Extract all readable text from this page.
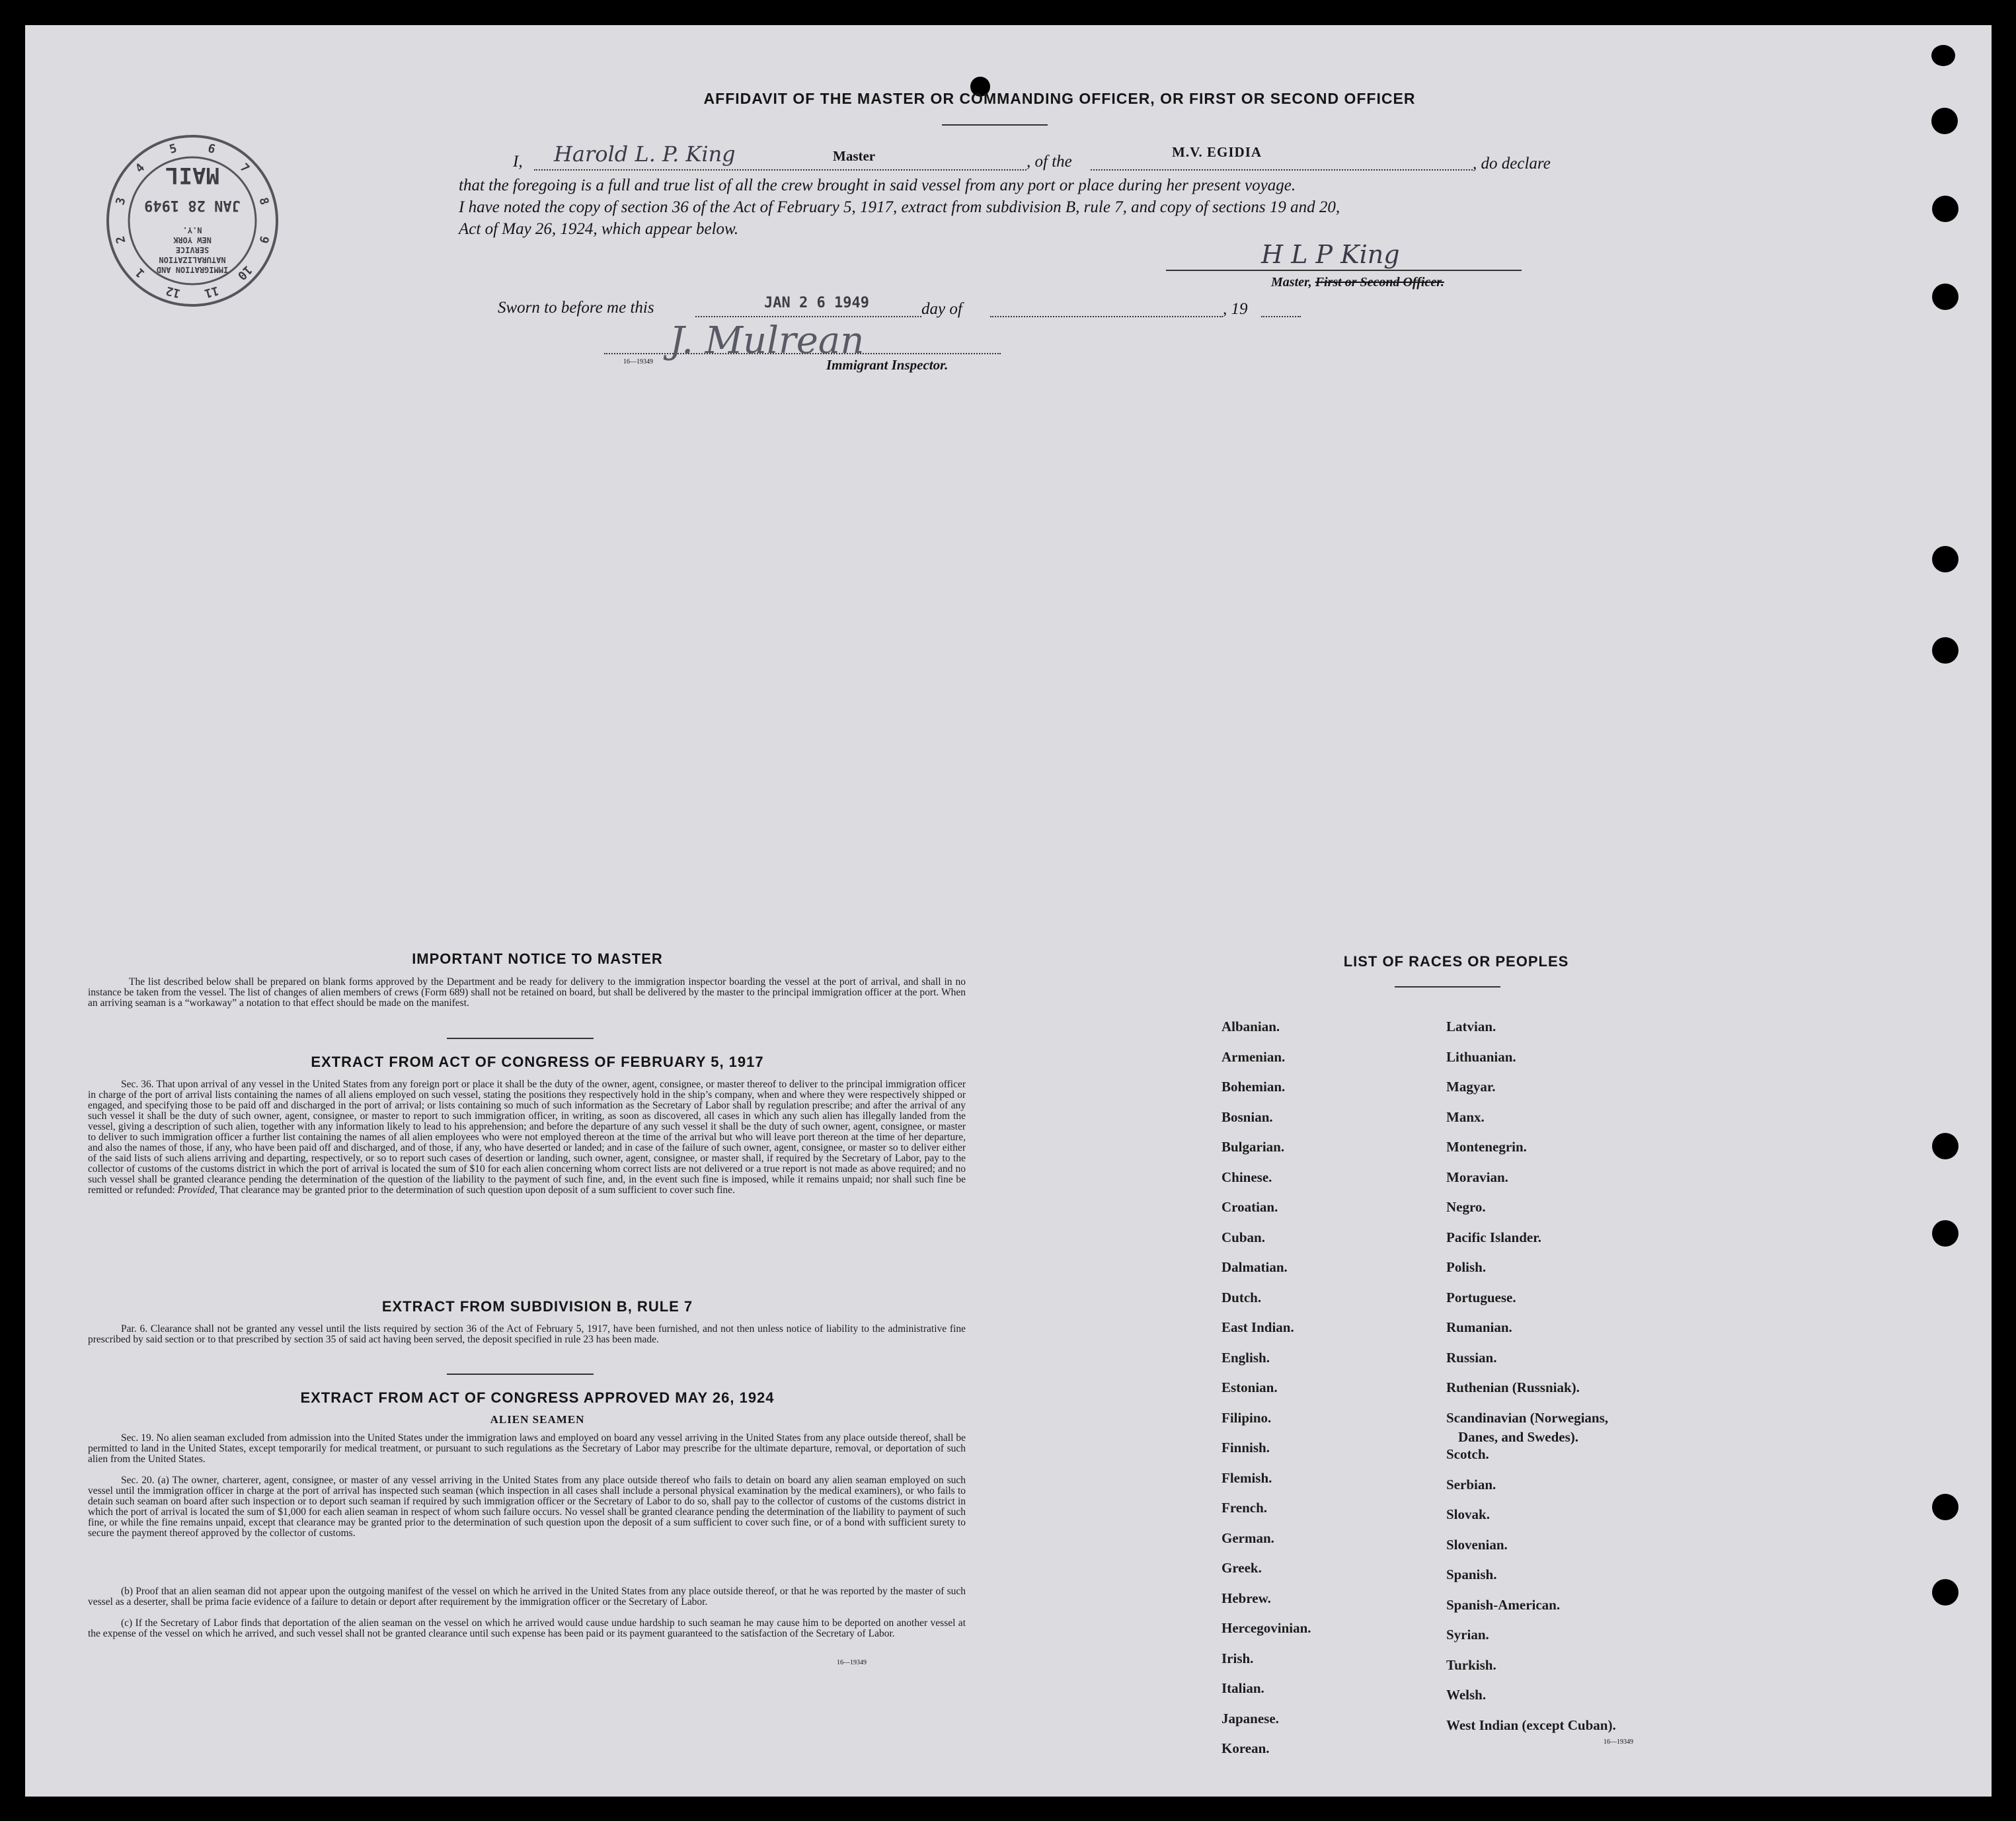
1
2
3
4
5	6
7
8
9
10
11
12
MAIL
JAN 28 1949
IMMIGRATION AND
NATURALIZATION
SERVICE
NEW YORK
N.Y.
AFFIDAVIT OF THE MASTER OR COMMANDING OFFICER, OR FIRST OR SECOND OFFICER
I, Harold L. P. King	Master	, of the
M.V. EGIDIA
, do declare
that the foregoing is a full and true list of all the crew brought in said vessel from any port or place during her present voyage.
I have noted the copy of section 36 of the Act of February 5, 1917, extract from subdivision B, rule 7, and copy of sections 19 and 20,
Act of May 26, 1924, which appear below.
H L P King
Master, First or Second Officer.
Sworn to before me this	JAN 2 6 1949	day of	, 19
J. Mulrean
16—19349	Immigrant Inspector.
IMPORTANT NOTICE TO MASTER

The list described below shall be prepared on blank forms approved by the Department and be ready for delivery to the immigration inspector boarding the vessel at the port of arrival, and shall in no instance be taken from the vessel. The list of changes of alien members of crews (Form 689) shall not be retained on board, but shall be delivered by the master to the principal immigration officer at the port. When an arriving seaman is a “workaway” a notation to that effect should be made on the manifest.

EXTRACT FROM ACT OF CONGRESS OF FEBRUARY 5, 1917

Sec. 36. That upon arrival of any vessel in the United States from any foreign port or place it shall be the duty of the owner, agent, consignee, or master thereof to deliver to the principal immigration officer in charge of the port of arrival lists containing the names of all aliens employed on such vessel, stating the positions they respectively hold in the ship’s company, when and where they were respectively shipped or engaged, and specifying those to be paid off and discharged in the port of arrival; or lists containing so much of such information as the Secretary of Labor shall by regulation prescribe; and after the arrival of any such vessel it shall be the duty of such owner, agent, consignee, or master to report to such immigration officer, in writing, as soon as discovered, all cases in which any such alien has illegally landed from the vessel, giving a description of such alien, together with any information likely to lead to his apprehension; and before the departure of any such vessel it shall be the duty of such owner, agent, consignee, or master to deliver to such immigration officer a further list containing the names of all alien employees who were not employed thereon at the time of the arrival but who will leave port thereon at the time of her departure, and also the names of those, if any, who have been paid off and discharged, and of those, if any, who have deserted or landed; and in case of the failure of such owner, agent, consignee, or master so to deliver either of the said lists of such aliens arriving and departing, respectively, or so to report such cases of desertion or landing, such owner, agent, consignee, or master shall, if required by the Secretary of Labor, pay to the collector of customs of the customs district in which the port of arrival is located the sum of $10 for each alien concerning whom correct lists are not delivered or a true report is not made as above required; and no such vessel shall be granted clearance pending the determination of the question of the liability to the payment of such fine, and, in the event such fine is imposed, while it remains unpaid; nor shall such fine be remitted or refunded: Provided, That clearance may be granted prior to the determination of such question upon deposit of a sum sufficient to cover such fine.

EXTRACT FROM SUBDIVISION B, RULE 7

Par. 6. Clearance shall not be granted any vessel until the lists required by section 36 of the Act of February 5, 1917, have been furnished, and not then unless notice of liability to the administrative fine prescribed by said section or to that prescribed by section 35 of said act having been served, the deposit specified in rule 23 has been made.

EXTRACT FROM ACT OF CONGRESS APPROVED MAY 26, 1924
ALIEN SEAMEN

Sec. 19. No alien seaman excluded from admission into the United States under the immigration laws and employed on board any vessel arriving in the United States from any place outside thereof, shall be permitted to land in the United States, except temporarily for medical treatment, or pursuant to such regulations as the Secretary of Labor may prescribe for the ultimate departure, removal, or deportation of such alien from the United States.

Sec. 20. (a) The owner, charterer, agent, consignee, or master of any vessel arriving in the United States from any place outside thereof who fails to detain on board any alien seaman employed on such vessel until the immigration officer in charge at the port of arrival has inspected such seaman (which inspection in all cases shall include a personal physical examination by the medical examiners), or who fails to detain such seaman on board after such inspection or to deport such seaman if required by such immigration officer or the Secretary of Labor to do so, shall pay to the collector of customs of the customs district in which the port of arrival is located the sum of $1,000 for each alien seaman in respect of whom such failure occurs. No vessel shall be granted clearance pending the determination of the liability to payment of such fine, or while the fine remains unpaid, except that clearance may be granted prior to the determination of such question upon the deposit of a sum sufficient to cover such fine, or of a bond with sufficient surety to secure the payment thereof approved by the collector of customs.

(b) Proof that an alien seaman did not appear upon the outgoing manifest of the vessel on which he arrived in the United States from any place outside thereof, or that he was reported by the master of such vessel as a deserter, shall be prima facie evidence of a failure to detain or deport after requirement by the immigration officer or the Secretary of Labor.

(c) If the Secretary of Labor finds that deportation of the alien seaman on the vessel on which he arrived would cause undue hardship to such seaman he may cause him to be deported on another vessel at the expense of the vessel on which he arrived, and such vessel shall not be granted clearance until such expense has been paid or its payment guaranteed to the satisfaction of the Secretary of Labor.

16—19349
LIST OF RACES OR PEOPLES
Albanian.
Armenian.
Bohemian.
Bosnian.
Bulgarian.
Chinese.
Croatian.
Cuban.
Dalmatian.
Dutch.
East Indian.
English.
Estonian.
Filipino.
Finnish.
Flemish.
French.
German.
Greek.
Hebrew.
Hercegovinian.
Irish.
Italian.
Japanese.
Korean.
Latvian.
Lithuanian.
Magyar.
Manx.
Montenegrin.
Moravian.
Negro.
Pacific Islander.
Polish.
Portuguese.
Rumanian.
Russian.
Ruthenian (Russniak).
Scandinavian (Norwegians,
Danes, and Swedes).
Scotch.
Serbian.
Slovak.
Slovenian.
Spanish.
Spanish-American.
Syrian.
Turkish.
Welsh.
West Indian (except Cuban).
16—19349
